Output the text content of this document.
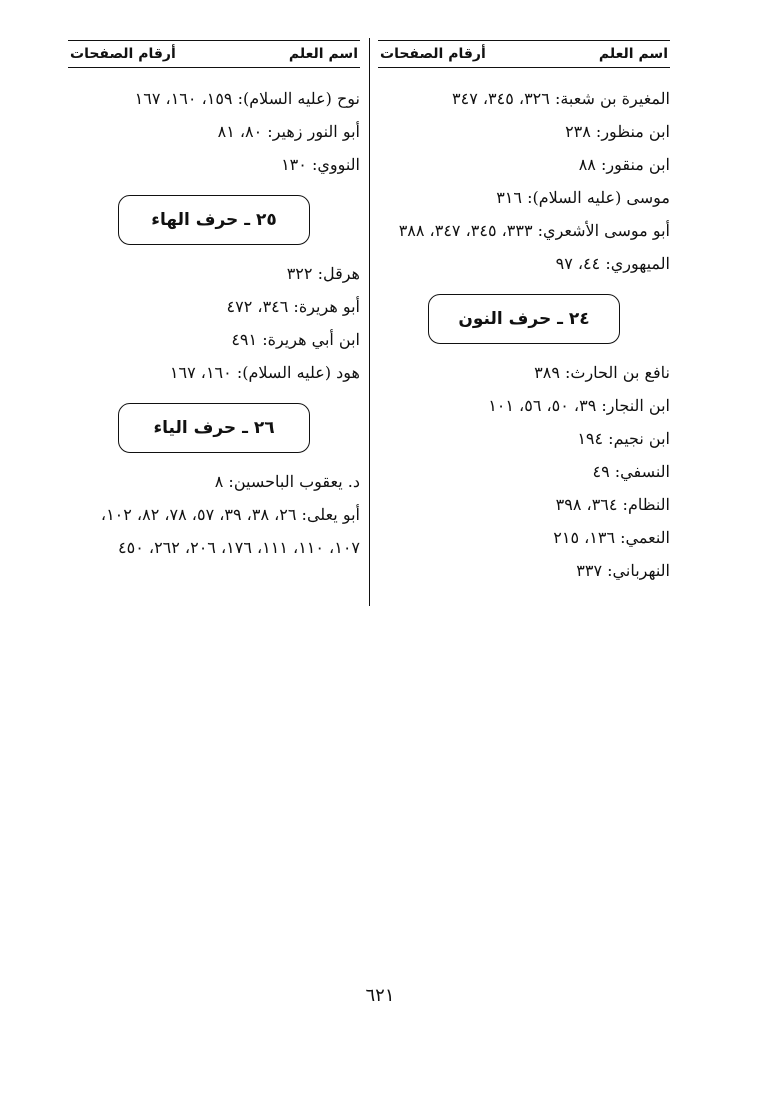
اسم العلم
أرقام الصفحات
المغيرة بن شعبة: ٣٢٦، ٣٤٥، ٣٤٧
ابن منظور: ٢٣٨
ابن منقور: ٨٨
موسى (عليه السلام): ٣١٦
أبو موسى الأشعري: ٣٣٣، ٣٤٥، ٣٤٧، ٣٨٨
الميهوري: ٤٤، ٩٧
٢٤ ـ حرف النون
نافع بن الحارث: ٣٨٩
ابن النجار: ٣٩، ٥٠، ٥٦، ١٠١
ابن نجيم: ١٩٤
النسفي: ٤٩
النظام: ٣٦٤، ٣٩٨
النعمي: ١٣٦، ٢١٥
النهرباني: ٣٣٧
اسم العلم
أرقام الصفحات
نوح (عليه السلام): ١٥٩، ١٦٠، ١٦٧
أبو النور زهير: ٨٠، ٨١
النووي: ١٣٠
٢٥ ـ حرف الهاء
هرقل: ٣٢٢
أبو هريرة: ٣٤٦، ٤٧٢
ابن أبي هريرة: ٤٩١
هود (عليه السلام): ١٦٠، ١٦٧
٢٦ ـ حرف الياء
د. يعقوب الباحسين: ٨
أبو يعلى: ٢٦، ٣٨، ٣٩، ٥٧، ٧٨، ٨٢، ١٠٢، ١٠٧، ١١٠، ١١١، ١٧٦، ٢٠٦، ٢٦٢، ٤٥٠
٦٢١
